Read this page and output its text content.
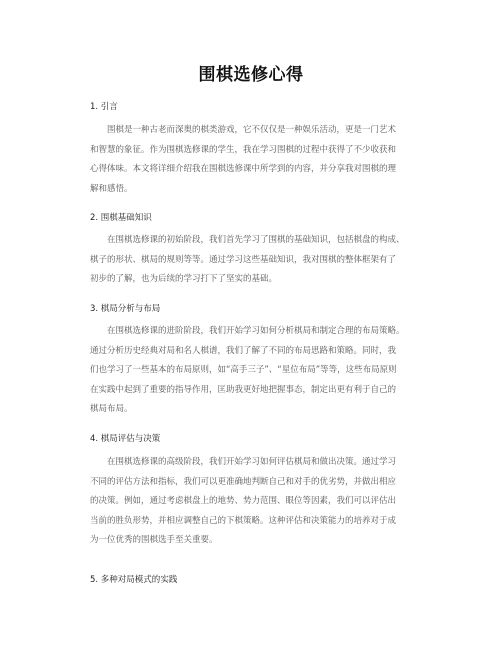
围棋选修心得
1. 引言
围棋是一种古老而深奥的棋类游戏，它不仅仅是一种娱乐活动，更是一门艺术
和智慧的象征。作为围棋选修课的学生，我在学习围棋的过程中获得了不少收获和
心得体味。本文将详细介绍我在围棋选修课中所学到的内容，并分享我对围棋的理
解和感悟。
2. 围棋基础知识
在围棋选修课的初始阶段，我们首先学习了围棋的基础知识，包括棋盘的构成、
棋子的形状、棋局的规则等等。通过学习这些基础知识，我对围棋的整体框架有了
初步的了解，也为后续的学习打下了坚实的基础。
3. 棋局分析与布局
在围棋选修课的进阶阶段，我们开始学习如何分析棋局和制定合理的布局策略。
通过分析历史经典对局和名人棋谱，我们了解了不同的布局思路和策略。同时，我
们也学习了一些基本的布局原则，如“高手三子”、“星位布局”等等，这些布局原则
在实践中起到了重要的指导作用，匡助我更好地把握事态，制定出更有利于自己的
棋局布局。
4. 棋局评估与决策
在围棋选修课的高级阶段，我们开始学习如何评估棋局和做出决策。通过学习
不同的评估方法和指标，我们可以更准确地判断自己和对手的优劣势，并做出相应
的决策。例如，通过考虑棋盘上的地势、势力范围、眼位等因素，我们可以评估出
当前的胜负形势，并相应调整自己的下棋策略。这种评估和决策能力的培养对于成
为一位优秀的围棋选手至关重要。
5. 多种对局模式的实践
